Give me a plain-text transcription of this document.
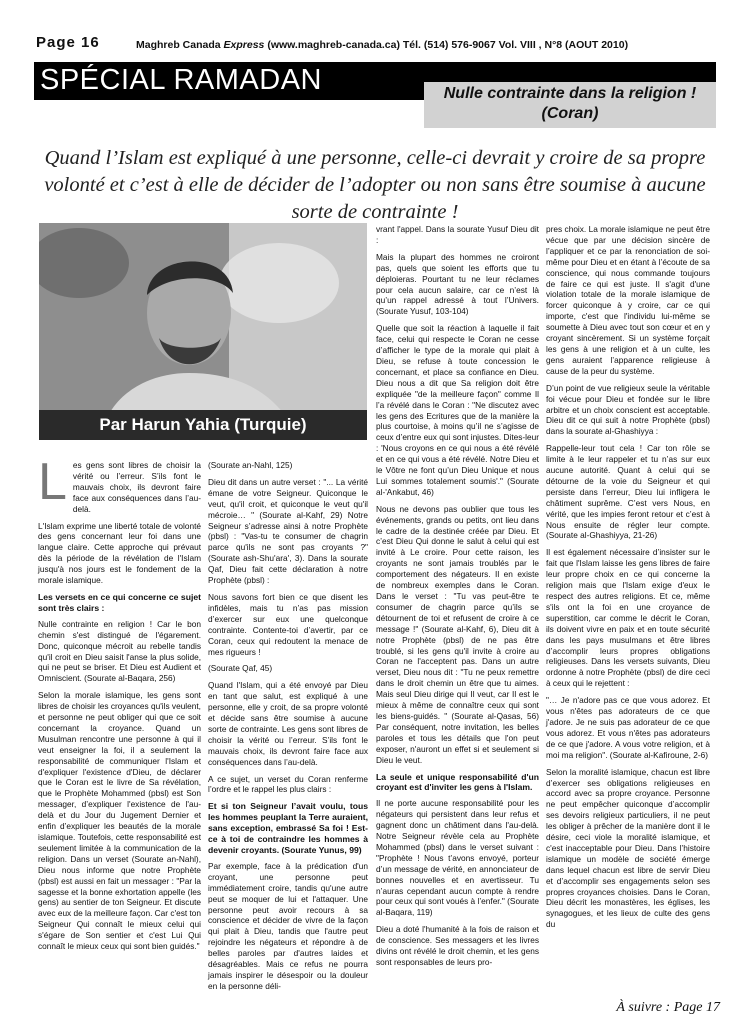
Page 16	Maghreb Canada Express (www.maghreb-canada.ca) Tél. (514) 576-9067 Vol. VIII , N°8 (AOUT 2010)
SPÉCIAL RAMADAN	Nulle contrainte dans la religion ! (Coran)
Quand l’Islam est expliqué à une personne, celle-ci devrait y croire de sa propre volonté et c’est à elle de décider de l’adopter ou non sans être soumise à aucune sorte de contrainte !
Par Harun Yahia (Turquie)
L es gens sont libres de choisir la vérité ou l’erreur. S’ils font le mauvais choix, ils devront faire face aux conséquences dans l’au-delà.

L'Islam exprime une liberté totale de volonté des gens concernant leur foi dans une langue claire. Cette approche qui prévaut dès la période de la révélation de l'Islam jusqu'à nos jours est le fondement de la morale islamique.

Les versets en ce qui concerne ce sujet sont très clairs :

Nulle contrainte en religion ! Car le bon chemin s'est distingué de l'égarement. Donc, quiconque mécroit au rebelle tandis qu'il croit en Dieu saisit l'anse la plus solide, qui ne peut se briser. Et Dieu est Audient et Omniscient. (Sourate al-Baqara, 256)

Selon la morale islamique, les gens sont libres de choisir les croyances qu'ils veulent, et personne ne peut obliger qui que ce soit concernant la croyance. Quand un Musulman rencontre une personne à qui il veut enseigner la foi, il a seulement la responsabilité de communiquer l'Islam et d'expliquer l'existence d'Dieu, de déclarer que le Coran est le livre de Sa révélation, que le Prophète Mohammed (pbsl) est Son messager, d’expliquer l'existence de l'au-delà et du Jour du Jugement Dernier et enfin d’expliquer les beautés de la morale islamique. Toutefois, cette responsabilité est seulement limitée à la communication de la religion. Dans un verset (Sourate an-Nahl), Dieu nous informe que notre Prophète (pbsl) est aussi en fait un messager : "Par la sagesse et la bonne exhortation appelle (les gens) au sentier de ton Seigneur. Et discute avec eux de la meilleure façon. Car c'est ton Seigneur Qui connaît le mieux celui qui s'égare de Son sentier et c'est Lui Qui connaît le mieux ceux qui sont bien guidés."

(Sourate an-Nahl, 125)

Dieu dit dans un autre verset : "... La vérité émane de votre Seigneur. Quiconque le veut, qu'il croit, et quiconque le veut qu'il mécroie… " (Sourate al-Kahf, 29) Notre Seigneur s’adresse ainsi à notre Prophète (pbsl) : "Vas-tu te consumer de chagrin parce qu'ils ne sont pas croyants ?" (Sourate ash-Shu'ara', 3). Dans la sourate Qaf, Dieu fait cette déclaration à notre Prophète (pbsl) :

Nous savons fort bien ce que disent les infidèles, mais tu n’as pas mission d’exercer sur eux une quelconque contrainte. Contente-toi d’avertir, par ce Coran, ceux qui redoutent la menace de mes rigueurs !

(Sourate Qaf, 45)

Quand l'Islam, qui a été envoyé par Dieu en tant que salut, est expliqué à une personne, elle y croit, de sa propre volonté et décide sans être soumise à aucune sorte de contrainte. Les gens sont libres de choisir la vérité ou l’erreur. S’ils font le mauvais choix, ils devront faire face aux conséquences dans l’au-delà.

A ce sujet, un verset du Coran renferme l’ordre et le rappel les plus clairs :

Et si ton Seigneur l’avait voulu, tous les hommes peuplant la Terre auraient, sans exception, embrassé Sa foi ! Est-ce à toi de contraindre les hommes à devenir croyants. (Sourate Yunus, 99)

Par exemple, face à la prédication d'un croyant, une personne peut immédiatement croire, tandis qu'une autre peut se moquer de lui et l'attaquer. Une personne peut avoir recours à sa conscience et décider de vivre de la façon qui plait à Dieu, tandis que l'autre peut rejoindre les négateurs et répondre à de belles paroles par d'autres laides et désagréables. Mais ce refus ne pourra jamais inspirer le désespoir ou la douleur en la personne déli-

vrant l'appel. Dans la sourate Yusuf Dieu dit :

Mais la plupart des hommes ne croiront pas, quels que soient les efforts que tu déploieras. Pourtant tu ne leur réclames pour cela aucun salaire, car ce n’est là qu’un rappel adressé à tout l’Univers. (Sourate Yusuf, 103-104)

Quelle que soit la réaction à laquelle il fait face, celui qui respecte le Coran ne cesse d’afficher le type de la morale qui plait à Dieu, se refuse à toute concession le concernant, et place sa confiance en Dieu. Dieu nous a dit que Sa religion doit être expliquée "de la meilleure façon" comme Il l’a révélé dans le Coran : "Ne discutez avec les gens des Ecritures que de la manière la plus courtoise, à moins qu’il ne s’agisse de ceux d’entre eux qui sont injustes. Dites-leur : 'Nous croyons en ce qui nous a été révélé et en ce qui vous a été révélé. Notre Dieu et le Vôtre ne font qu’un Dieu Unique et nous Lui sommes totalement soumis'." (Sourate al-'Ankabut, 46)

Nous ne devons pas oublier que tous les événements, grands ou petits, ont lieu dans le cadre de la destinée créée par Dieu. Et c’est Dieu Qui donne le salut à celui qui est invité à Le croire. Pour cette raison, les croyants ne sont jamais troublés par le comportement des négateurs. Il en existe de nombreux exemples dans le Coran. Dans le verset : "Tu vas peut-être te consumer de chagrin parce qu’ils se détournent de toi et refusent de croire à ce message !" (Sourate al-Kahf, 6), Dieu dit à notre Prophète (pbsl) de ne pas être troublé, si les gens qu'il invite à croire au Coran ne l'acceptent pas. Dans un autre verset, Dieu nous dit : "Tu ne peux remettre dans le droit chemin un être que tu aimes. Mais seul Dieu dirige qui Il veut, car Il est le mieux à même de connaître ceux qui sont les biens-guidés. " (Sourate al-Qasas, 56) Par conséquent, notre invitation, les belles paroles et tous les détails que l'on peut exposer, n'auront un effet si et seulement si Dieu le veut.

La seule et unique responsabilité d'un croyant est d'inviter les gens à l'Islam.

Il ne porte aucune responsabilité pour les négateurs qui persistent dans leur refus et gagnent donc un châtiment dans l'au-delà. Notre Seigneur révèle cela au Prophète Mohammed (pbsl) dans le verset suivant : "Prophète ! Nous t’avons envoyé, porteur d’un message de vérité, en annonciateur de bonnes nouvelles et en avertisseur. Tu n’auras cependant aucun compte à rendre pour ceux qui sont voués à l’enfer." (Sourate al-Baqara, 119)

Dieu a doté l'humanité à la fois de raison et de conscience. Ses messagers et les livres divins ont révélé le droit chemin, et les gens sont responsables de leurs pro-

pres choix. La morale islamique ne peut être vécue que par une décision sincère de l’appliquer et ce par la renonciation de soi-même pour Dieu et en étant à l’écoute de sa conscience, qui nous commande toujours de faire ce qui est juste. Il s'agit d'une violation totale de la morale islamique de forcer quiconque à y croire, car ce qui importe, c'est que l'individu lui-même se soumette à Dieu avec tout son cœur et en y croyant sincèrement. Si un système forçait les gens à une religion et à un culte, les gens auraient l’apparence religieuse à cause de la peur du système.

D’un point de vue religieux seule la véritable foi vécue pour Dieu et fondée sur le libre arbitre et un choix conscient est acceptable. Dieu dit ce qui suit à notre Prophète (pbsl) dans la sourate al-Ghashiyya :

Rappelle-leur tout cela ! Car ton rôle se limite à le leur rappeler et tu n’as sur eux aucune autorité. Quant à celui qui se détourne de la voie du Seigneur et qui persiste dans l’erreur, Dieu lui infligera le châtiment suprême. C’est vers Nous, en vérité, que les impies feront retour et c’est à Nous ensuite de régler leur compte. (Sourate al-Ghashiyya, 21-26)

Il est également nécessaire d’insister sur le fait que l'Islam laisse les gens libres de faire leur propre choix en ce qui concerne la religion mais que l'Islam exige d'eux le respect des autres religions. Et ce, même s'ils ont la foi en une croyance de superstition, car comme le décrit le Coran, ils doivent vivre en paix et en toute sécurité dans les pays musulmans et être libres d’accomplir leurs propres obligations religieuses. Dans les versets suivants, Dieu ordonne à notre Prophète (pbsl) de dire ceci à ceux qui le rejettent :

"… Je n'adore pas ce que vous adorez. Et vous n'êtes pas adorateurs de ce que j'adore. Je ne suis pas adorateur de ce que vous adorez. Et vous n'êtes pas adorateurs de ce que j'adore. A vous votre religion, et à moi ma religion". (Sourate al-Kafiroune, 2-6)

Selon la moralité islamique, chacun est libre d’exercer ses obligations religieuses en accord avec sa propre croyance. Personne ne peut empêcher quiconque d’accomplir ses devoirs religieux particuliers, il ne peut les obliger à prêcher de la manière dont il le désire, ceci viole la moralité islamique, et c'est inacceptable pour Dieu. Dans l’histoire islamique un modèle de société émerge dans lequel chacun est libre de servir Dieu et d’accomplir ses engagements selon ses propres croyances choisies. Dans le Coran, Dieu décrit les monastères, les églises, les synagogues, et les lieux de culte des gens du

À suivre : Page 17
